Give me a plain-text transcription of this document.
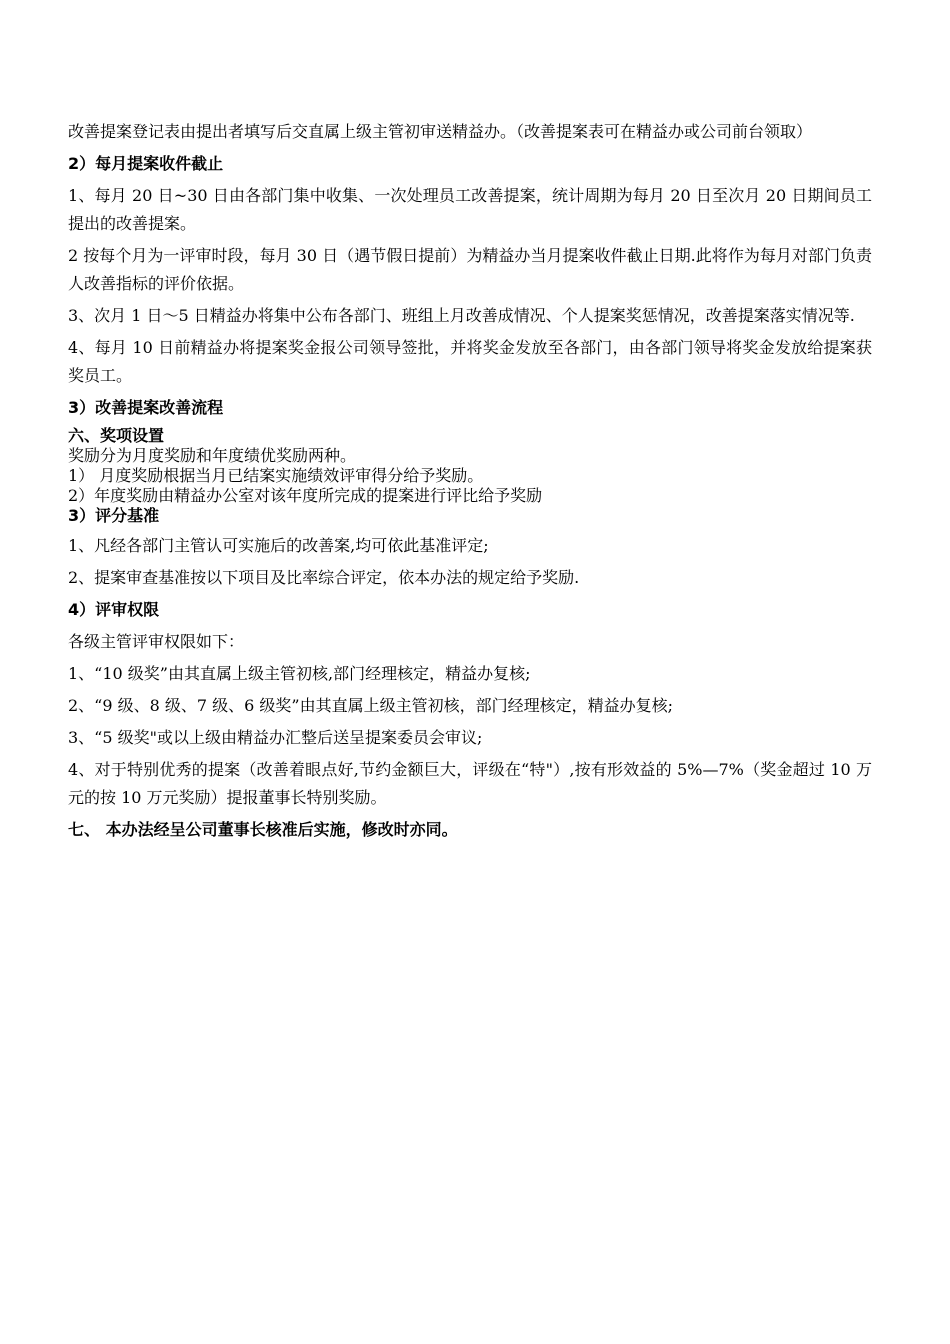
改善提案登记表由提出者填写后交直属上级主管初审送精益办。（改善提案表可在精益办或公司前台领取）

2）每月提案收件截止

1、每月 20 日~30 日由各部门集中收集、一次处理员工改善提案，统计周期为每月 20 日至次月 20 日期间员工提出的改善提案。

2 按每个月为一评审时段，每月 30 日（遇节假日提前）为精益办当月提案收件截止日期.此将作为每月对部门负责人改善指标的评价依据。

3、次月 1 日～5 日精益办将集中公布各部门、班组上月改善成情况、个人提案奖惩情况，改善提案落实情况等.

4、每月 10 日前精益办将提案奖金报公司领导签批，并将奖金发放至各部门，由各部门领导将奖金发放给提案获奖员工。

3）改善提案改善流程

六、奖项设置

奖励分为月度奖励和年度绩优奖励两种。

1） 月度奖励根据当月已结案实施绩效评审得分给予奖励。

2）年度奖励由精益办公室对该年度所完成的提案进行评比给予奖励

3）评分基准

1、凡经各部门主管认可实施后的改善案,均可依此基准评定;

2、提案审查基准按以下项目及比率综合评定，依本办法的规定给予奖励.

4）评审权限

各级主管评审权限如下：

1、“10 级奖”由其直属上级主管初核,部门经理核定，精益办复核;

2、“9 级、8 级、7 级、6 级奖”由其直属上级主管初核，部门经理核定，精益办复核;

3、“5 级奖"或以上级由精益办汇整后送呈提案委员会审议;

4、对于特别优秀的提案（改善着眼点好,节约金额巨大，评级在“特"）,按有形效益的 5%—7%（奖金超过 10 万元的按 10 万元奖励）提报董事长特别奖励。

七、 本办法经呈公司董事长核准后实施，修改时亦同。
